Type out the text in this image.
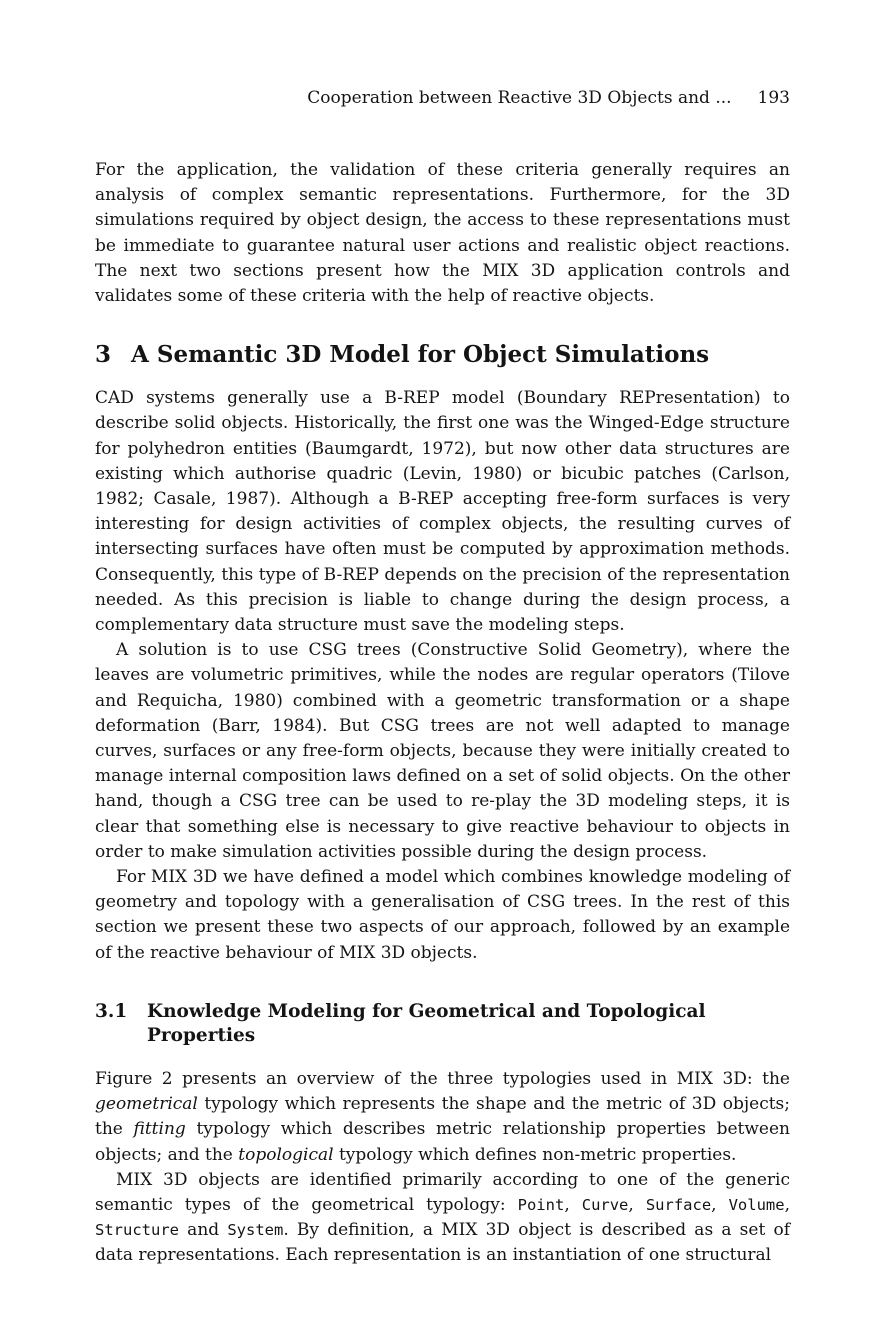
Cooperation between Reactive 3D Objects and ... 193

For the application, the validation of these criteria generally requires an analysis of complex semantic representations. Furthermore, for the 3D simulations required by object design, the access to these representations must be immediate to guarantee natural user actions and realistic object reactions. The next two sections present how the MIX 3D application controls and validates some of these criteria with the help of reactive objects.

3 A Semantic 3D Model for Object Simulations

CAD systems generally use a B-REP model (Boundary REPresentation) to describe solid objects. Historically, the first one was the Winged-Edge structure for polyhedron entities (Baumgardt, 1972), but now other data structures are existing which authorise quadric (Levin, 1980) or bicubic patches (Carlson, 1982; Casale, 1987). Although a B-REP accepting free-form surfaces is very interesting for design activities of complex objects, the resulting curves of intersecting surfaces have often must be computed by approximation methods. Consequently, this type of B-REP depends on the precision of the representation needed. As this precision is liable to change during the design process, a complementary data structure must save the modeling steps.

A solution is to use CSG trees (Constructive Solid Geometry), where the leaves are volumetric primitives, while the nodes are regular operators (Tilove and Requicha, 1980) combined with a geometric transformation or a shape deformation (Barr, 1984). But CSG trees are not well adapted to manage curves, surfaces or any free-form objects, because they were initially created to manage internal composition laws defined on a set of solid objects. On the other hand, though a CSG tree can be used to re-play the 3D modeling steps, it is clear that something else is necessary to give reactive behaviour to objects in order to make simulation activities possible during the design process.

For MIX 3D we have defined a model which combines knowledge modeling of geometry and topology with a generalisation of CSG trees. In the rest of this section we present these two aspects of our approach, followed by an example of the reactive behaviour of MIX 3D objects.

3.1	Knowledge Modeling for Geometrical and Topological
Properties

Figure 2 presents an overview of the three typologies used in MIX 3D: the geometrical typology which represents the shape and the metric of 3D objects; the fitting typology which describes metric relationship properties between objects; and the topological typology which defines non-metric properties.

MIX 3D objects are identified primarily according to one of the generic semantic types of the geometrical typology: Point, Curve, Surface, Volume, Structure and System. By definition, a MIX 3D object is described as a set of data representations. Each representation is an instantiation of one structural
